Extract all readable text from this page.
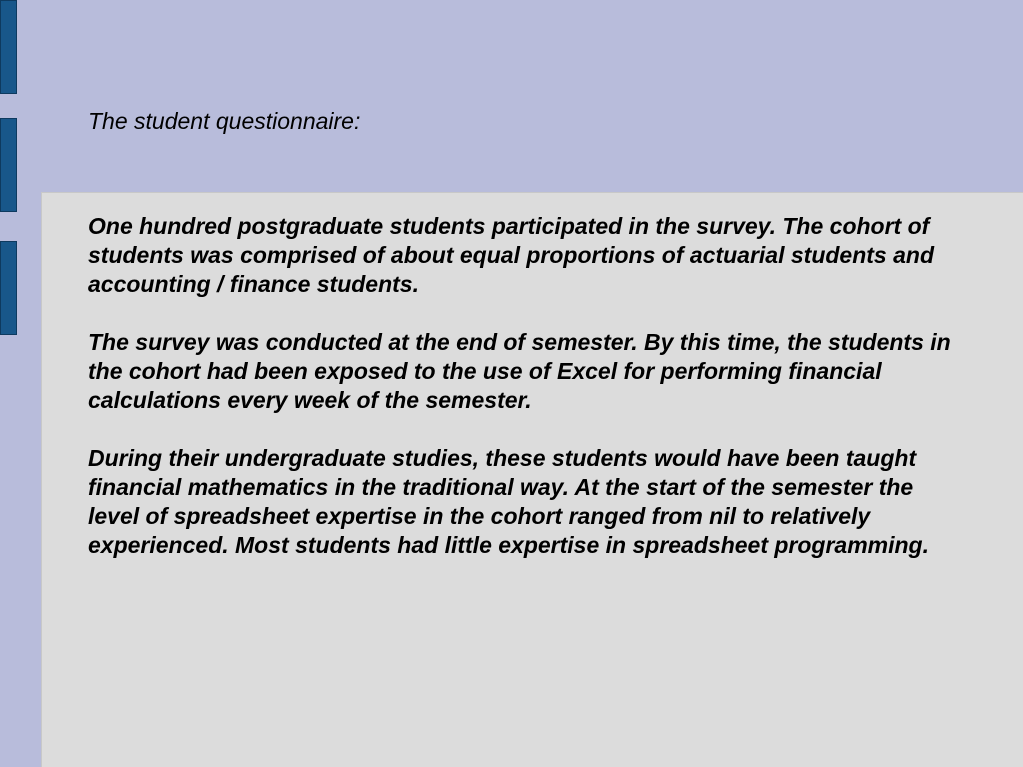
The student questionnaire:

One hundred postgraduate students participated in the survey. The cohort of students was comprised of about equal proportions of actuarial students and accounting / finance students.

The survey was conducted at the end of semester. By this time, the students in the cohort had been exposed to the use of Excel for performing financial calculations every week of the semester.

During their undergraduate studies, these students would have been taught financial mathematics in the traditional way. At the start of the semester the level of spreadsheet expertise in the cohort ranged from nil to relatively experienced. Most students had little expertise in spreadsheet programming.
